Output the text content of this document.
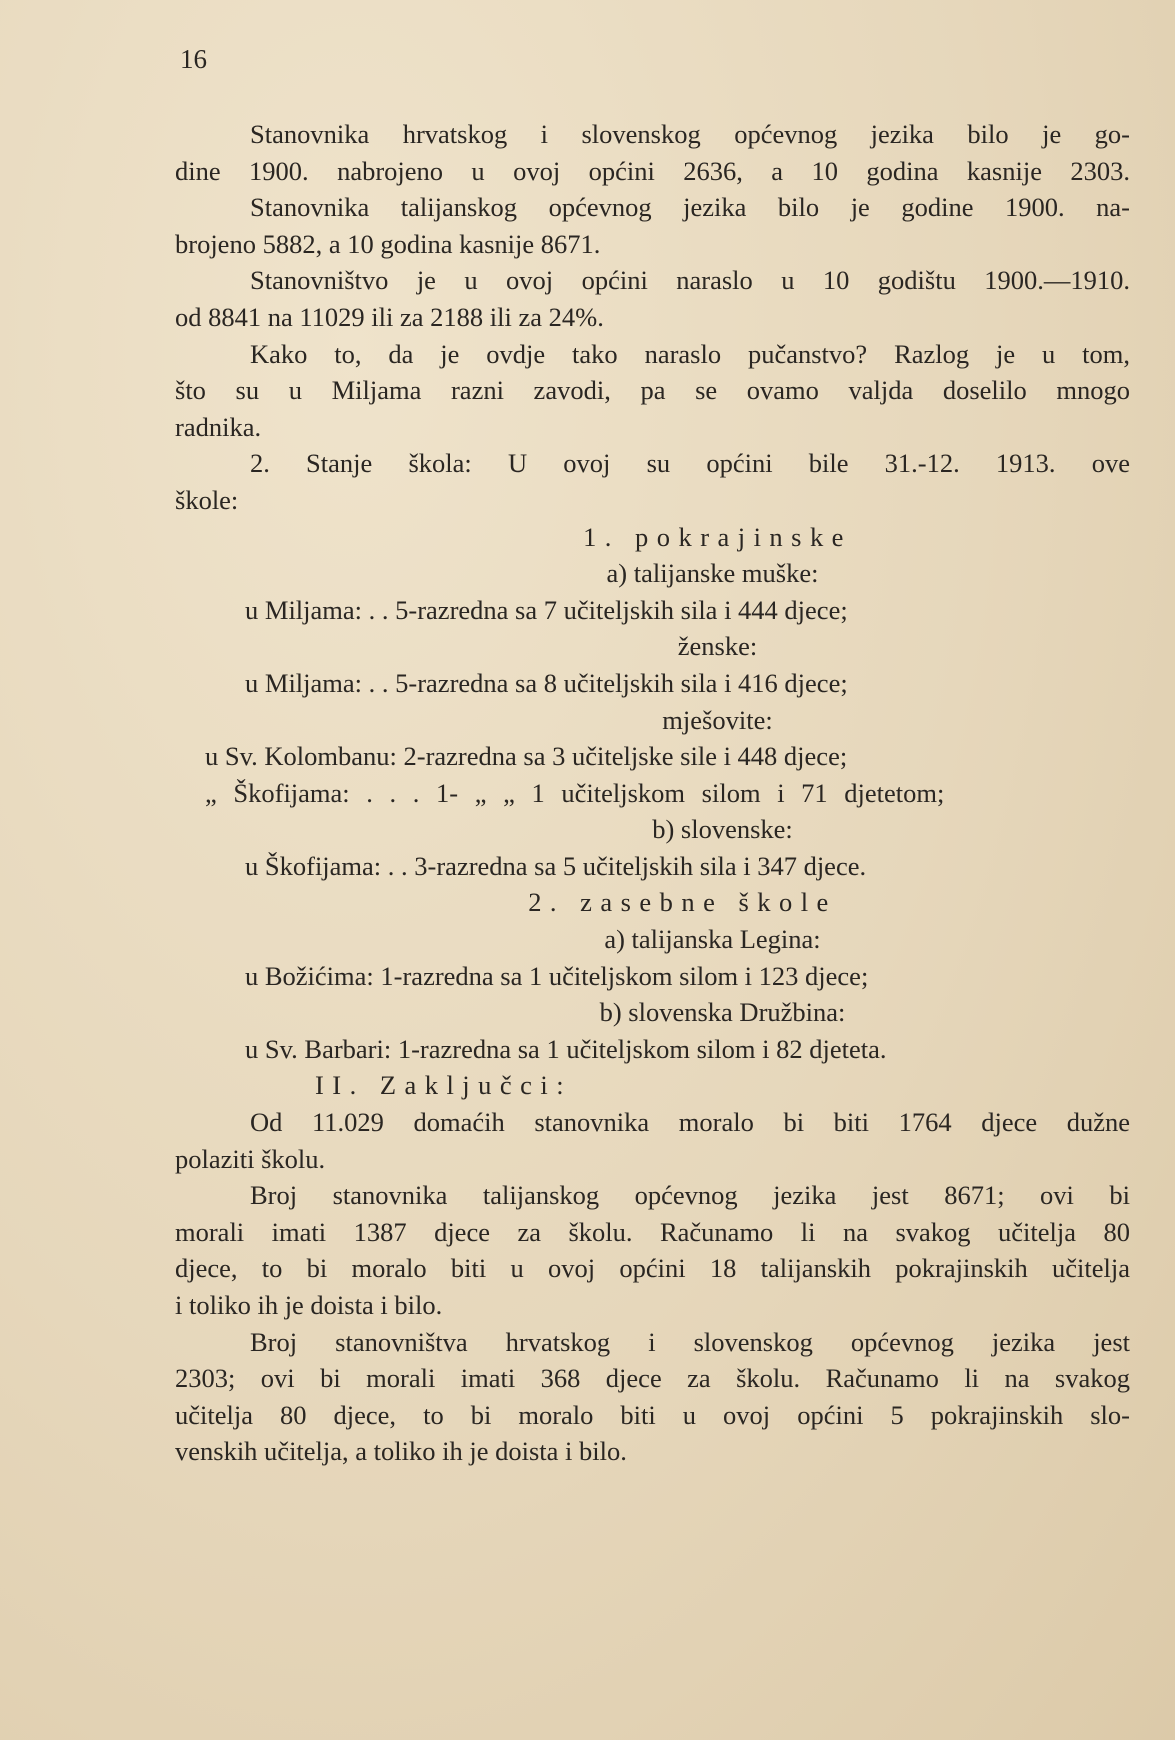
16
Stanovnika hrvatskog i slovenskog općevnog jezika bilo je go-
dine 1900. nabrojeno u ovoj općini 2636, a 10 godina kasnije 2303.
Stanovnika talijanskog općevnog jezika bilo je godine 1900. na-
brojeno 5882, a 10 godina kasnije 8671.
Stanovništvo je u ovoj općini naraslo u 10 godištu 1900.—1910.
od 8841 na 11029 ili za 2188 ili za 24%.
Kako to, da je ovdje tako naraslo pučanstvo? Razlog je u tom,
što su u Miljama razni zavodi, pa se ovamo valjda doselilo mnogo
radnika.
2. Stanje škola: U ovoj su općini bile 31.-12. 1913. ove
škole:
1. pokrajinske
a) talijanske muške:
u Miljama: . . 5-razredna sa 7 učiteljskih sila i 444 djece;
ženske:
u Miljama: . . 5-razredna sa 8 učiteljskih sila i 416 djece;
mješovite:
u Sv. Kolombanu: 2-razredna sa 3 učiteljske sile i 448 djece;
„ Škofijama: . . . 1- „ „ 1 učiteljskom silom i 71 djetetom;
b) slovenske:
u Škofijama: . . 3-razredna sa 5 učiteljskih sila i 347 djece.
2. zasebne škole
a) talijanska Legina:
u Božićima: 1-razredna sa 1 učiteljskom silom i 123 djece;
b) slovenska Družbina:
u Sv. Barbari: 1-razredna sa 1 učiteljskom silom i 82 djeteta.
II. Zaključci:
Od 11.029 domaćih stanovnika moralo bi biti 1764 djece dužne
polaziti školu.
Broj stanovnika talijanskog općevnog jezika jest 8671; ovi bi
morali imati 1387 djece za školu. Računamo li na svakog učitelja 80
djece, to bi moralo biti u ovoj općini 18 talijanskih pokrajinskih učitelja
i toliko ih je doista i bilo.
Broj stanovništva hrvatskog i slovenskog općevnog jezika jest
2303; ovi bi morali imati 368 djece za školu. Računamo li na svakog
učitelja 80 djece, to bi moralo biti u ovoj općini 5 pokrajinskih slo-
venskih učitelja, a toliko ih je doista i bilo.
